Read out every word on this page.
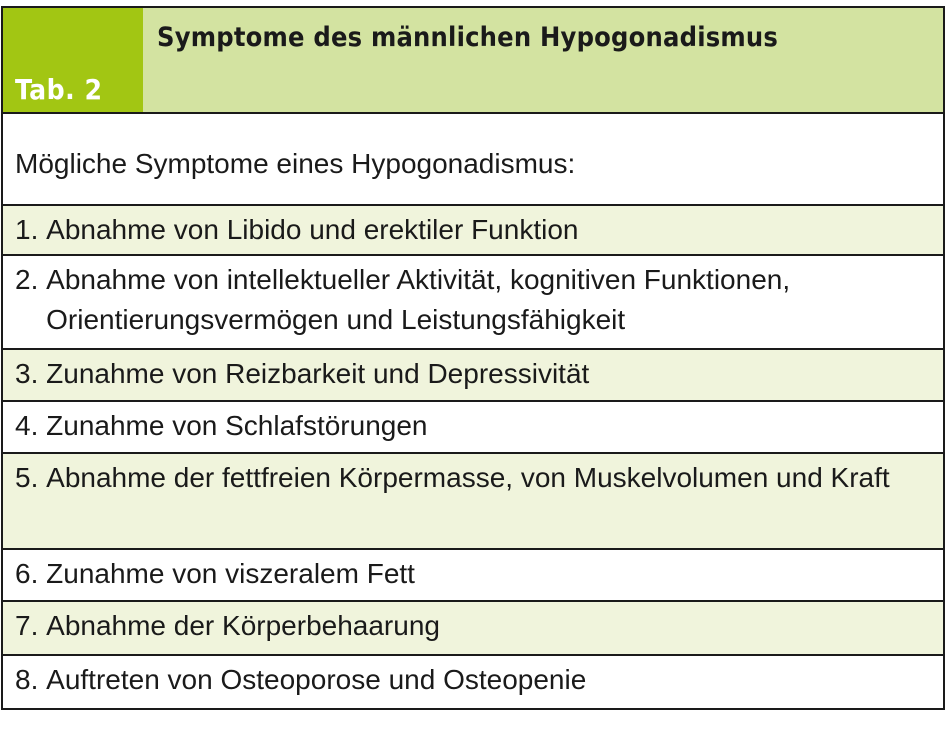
Tab. 2
Symptome des männlichen Hypogonadismus
Mögliche Symptome eines Hypogonadismus:
1. Abnahme von Libido und erektiler Funktion
2. Abnahme von intellektueller Aktivität, kognitiven Funktionen, Orientierungsvermögen und Leistungsfähigkeit
3. Zunahme von Reizbarkeit und Depressivität
4. Zunahme von Schlafstörungen
5. Abnahme der fettfreien Körpermasse, von Muskelvolumen und Kraft
6. Zunahme von viszeralem Fett
7. Abnahme der Körperbehaarung
8. Auftreten von Osteoporose und Osteopenie
